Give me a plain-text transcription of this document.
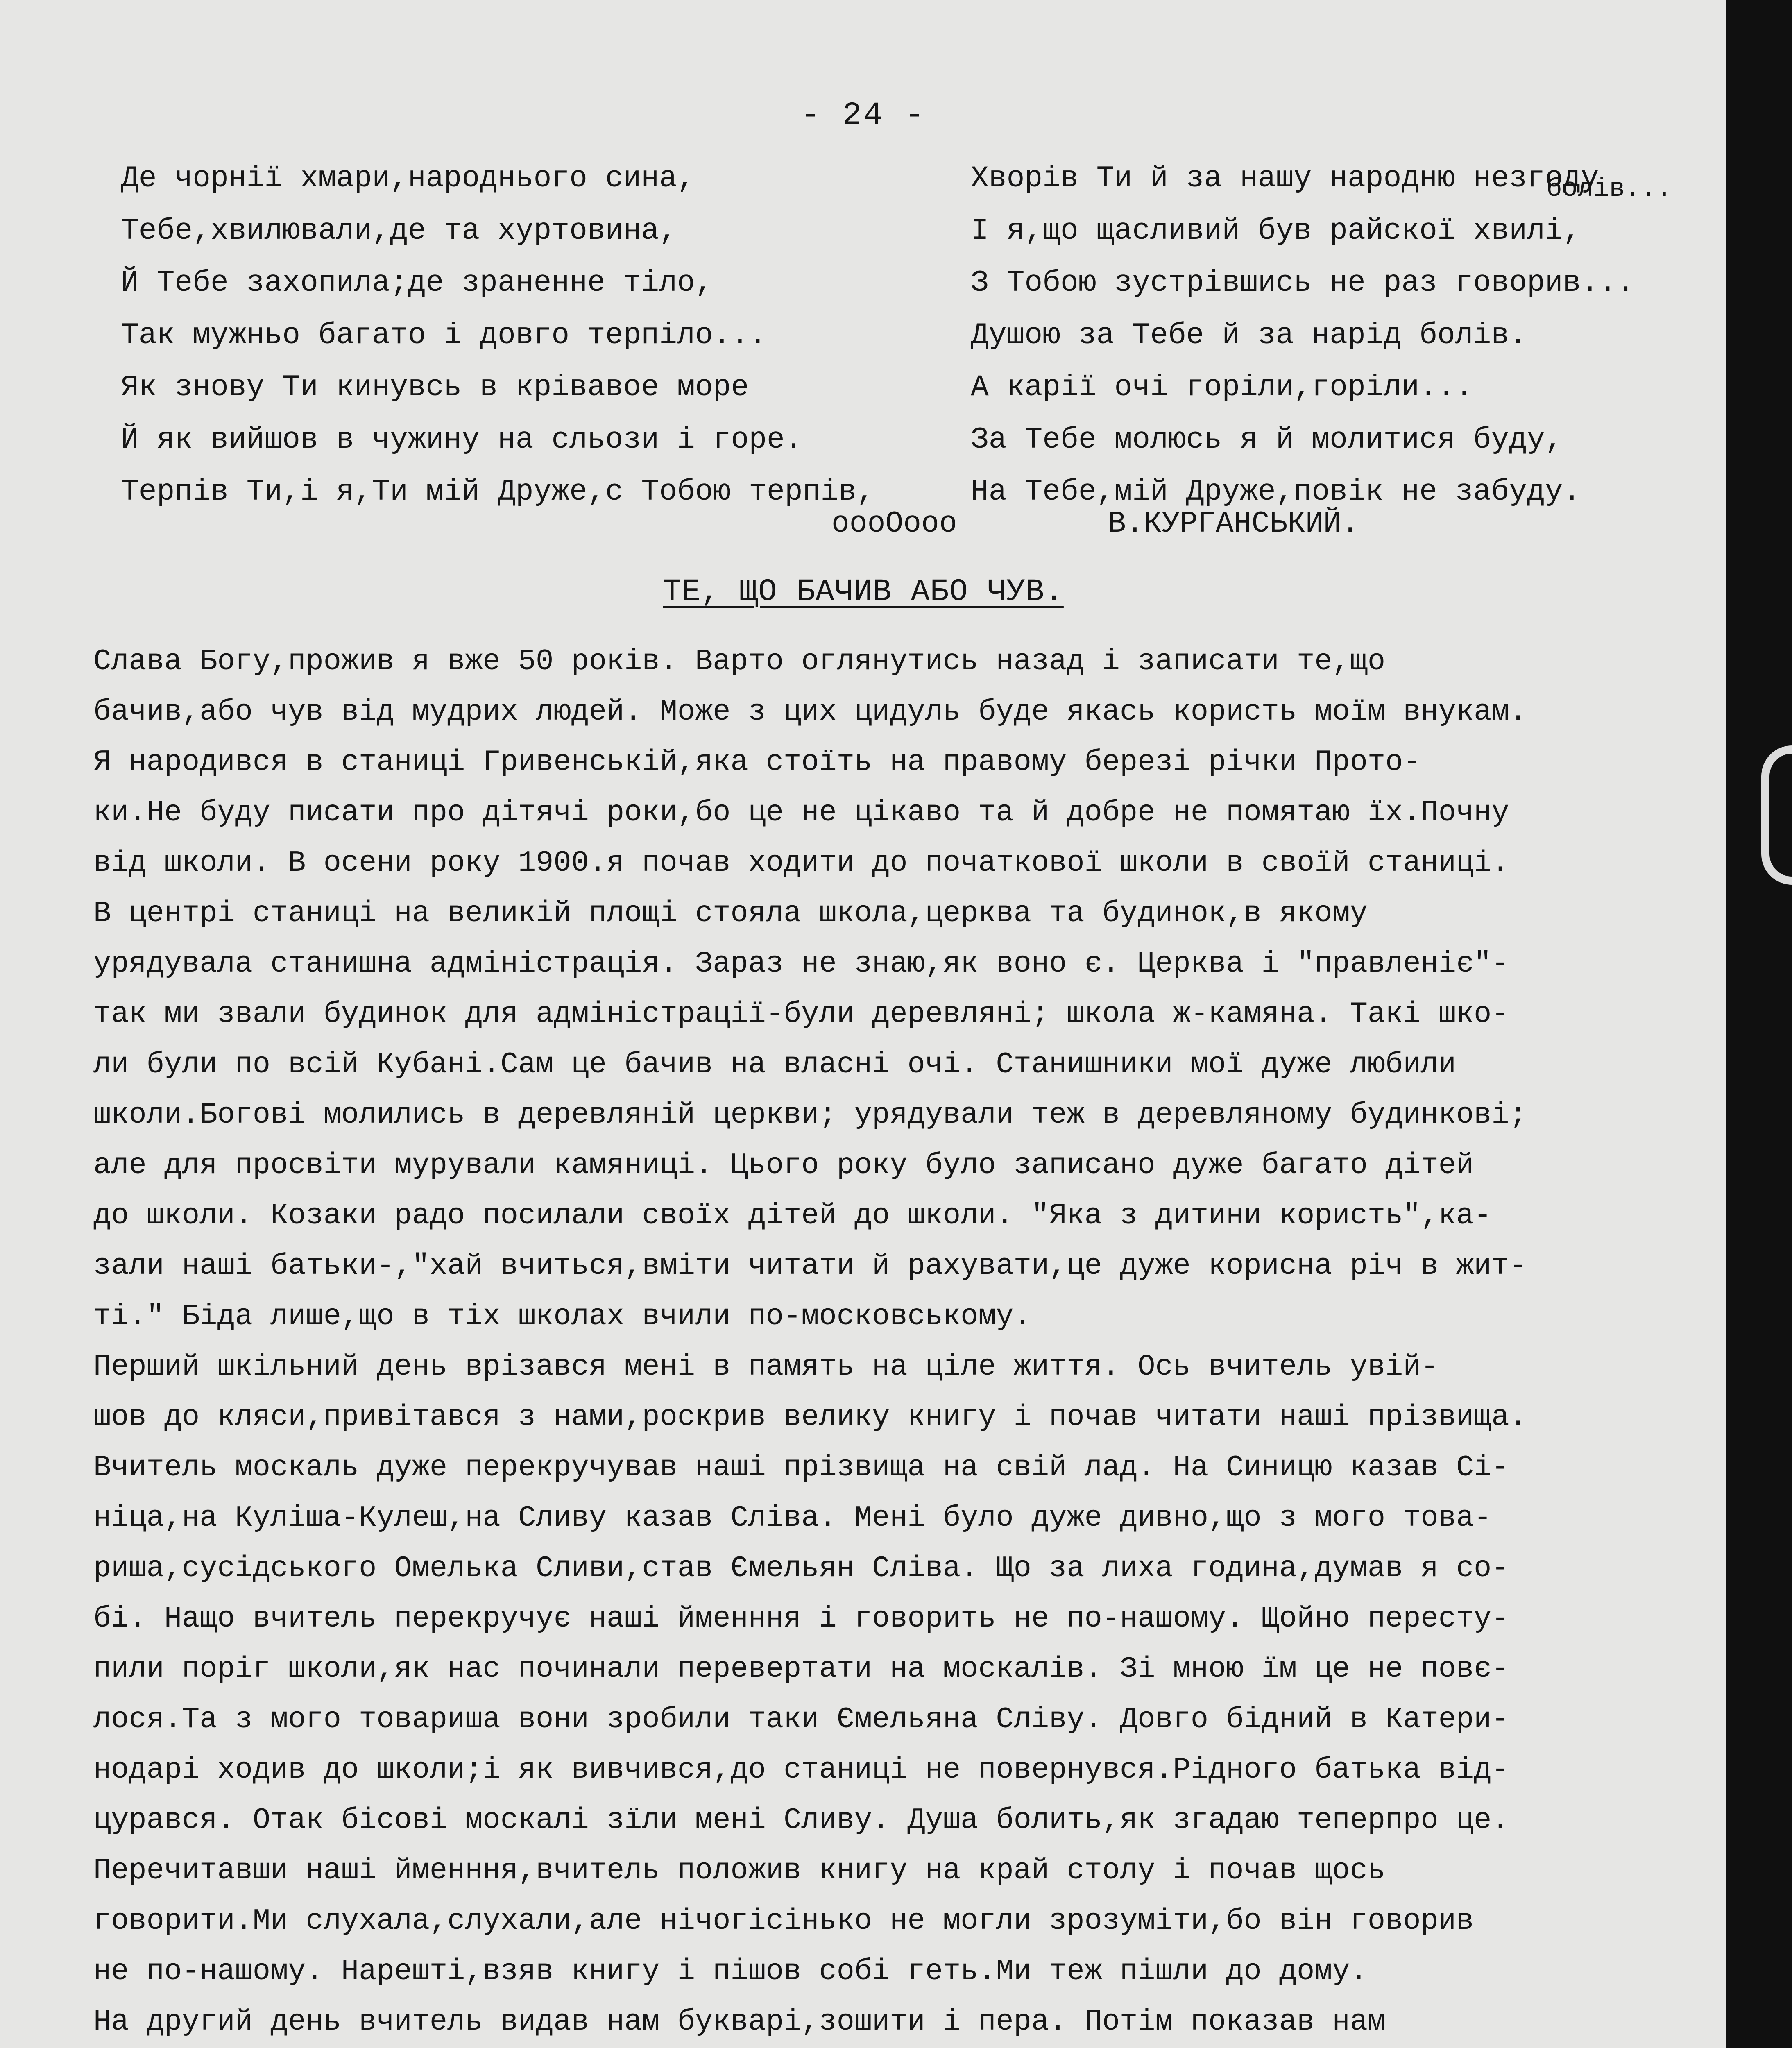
- 24 -
Де чорнії хмари,народнього сина,
Тебе,хвилювали,де та хуртовина,
Й Тебе захопила;де зраненне тіло,
Так мужньо багато і довго терпіло...
Як знову Ти кинувсь в крівавое море
Й як вийшов в чужину на сльози і горе.
Терпів Ти,і я,Ти мій Друже,с Тобою терпів,
Хворів Ти й за нашу народню незгоду
болів...
І я,що щасливий був райскої хвилі,
З Тобою зустрівшись не раз говорив...
Душою за Тебе й за нарід болів.
А карії очі горіли,горіли...
За Тебе молюсь я й молитися буду,
На Тебе,мій Друже,повік не забуду.
оооОооо	В.КУРГАНСЬКИЙ.
ТЕ, ЩО БАЧИВ АБО ЧУВ.
Слава Богу,прожив я вже 50 років. Варто оглянутись назад і записати те,що
бачив,або чув від мудрих людей. Може з цих цидуль буде якась користь моїм внукам.
Я народився в станиці Гривенській,яка стоїть на правому березі річки Прото-
ки.Не буду писати про дітячі роки,бо це не цікаво та й добре не помятаю їх.Почну
від школи. В осени року 1900.я почав ходити до початкової школи в своїй станиці.
В центрі станиці на великій площі стояла школа,церква та будинок,в якому
урядувала станишна адміністрація. Зараз не знаю,як воно є. Церква і "правленіє"-
так ми звали будинок для адміністрації-були деревляні; школа ж-камяна. Такі шко-
ли були по всій Кубані.Сам це бачив на власні очі. Станишники мої дуже любили
школи.Богові молились в деревляній церкви; урядували теж в деревляному будинкові;
але для просвіти мурували камяниці. Цього року було записано дуже багато дітей
до школи. Козаки радо посилали своїх дітей до школи. "Яка з дитини користь",ка-
зали наші батьки-,"хай вчиться,вміти читати й рахувати,це дуже корисна річ в жит-
ті." Біда лише,що в тіх школах вчили по-московському.
Перший шкільний день врізався мені в память на ціле життя. Ось вчитель увій-
шов до кляси,привітався з нами,роскрив велику книгу і почав читати наші прізвища.
Вчитель москаль дуже перекручував наші прізвища на свій лад. На Синицю казав Сі-
ніца,на Куліша-Кулеш,на Сливу казав Сліва. Мені було дуже дивно,що з мого това-
риша,сусідського Омелька Сливи,став Ємельян Сліва. Що за лиха година,думав я со-
бі. Нащо вчитель перекручує наші йменння і говорить не по-нашому. Щойно пересту-
пили поріг школи,як нас починали перевертати на москалів. Зі мною їм це не повє-
лося.Та з мого товариша вони зробили таки Ємельяна Сліву. Довго бідний в Катери-
нодарі ходив до школи;і як вивчився,до станиці не повернувся.Рідного батька від-
цурався. Отак бісові москалі зїли мені Сливу. Душа болить,як згадаю теперпро це.
Перечитавши наші йменння,вчитель положив книгу на край столу і почав щось
говорити.Ми слухала,слухали,але нічогісінько не могли зрозуміти,бо він говорив
не по-нашому. Нарешті,взяв книгу і пішов собі геть.Ми теж пішли до дому.
На другий день вчитель видав нам букварі,зошити і пера. Потім показав нам
